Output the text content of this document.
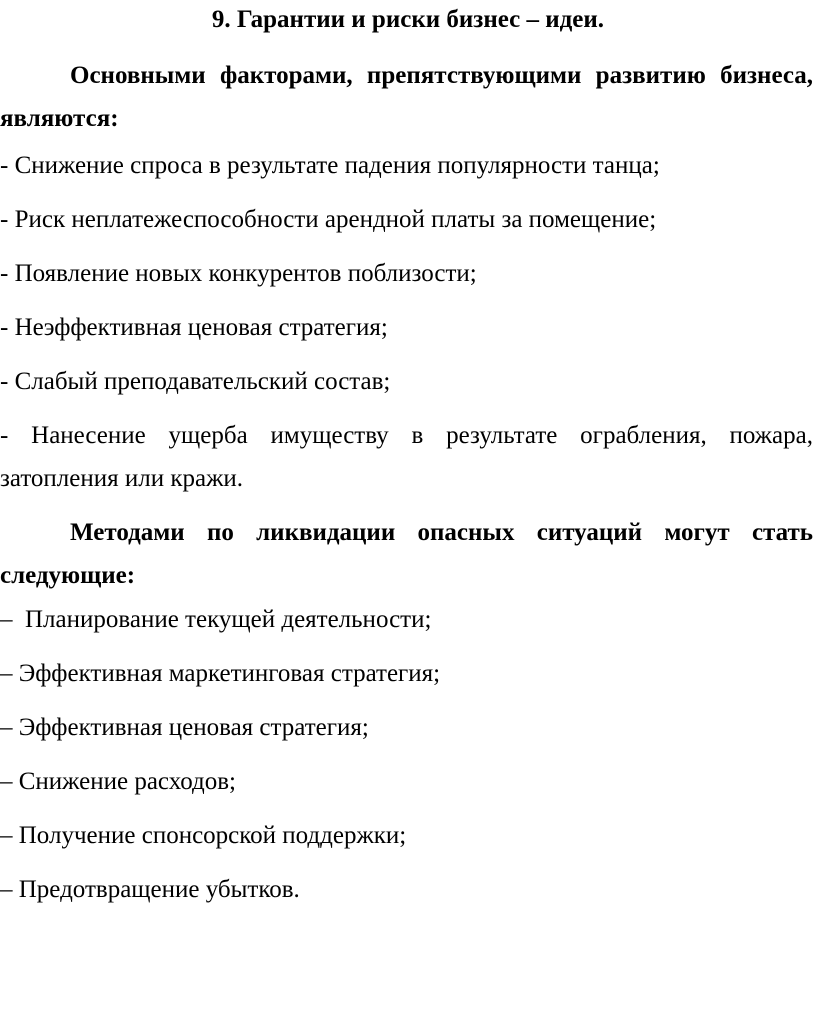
9. Гарантии и риски бизнес – идеи.
Основными факторами, препятствующими развитию бизнеса, являются:
- Снижение спроса в результате падения популярности танца;
- Риск неплатежеспособности арендной платы за помещение;
- Появление новых конкурентов поблизости;
- Неэффективная ценовая стратегия;
- Слабый преподавательский состав;
- Нанесение ущерба имуществу в результате ограбления, пожара, затопления или кражи.
Методами по ликвидации опасных ситуаций могут стать следующие:
–  Планирование текущей деятельности;
– Эффективная маркетинговая стратегия;
– Эффективная ценовая стратегия;
– Снижение расходов;
– Получение спонсорской поддержки;
– Предотвращение убытков.
